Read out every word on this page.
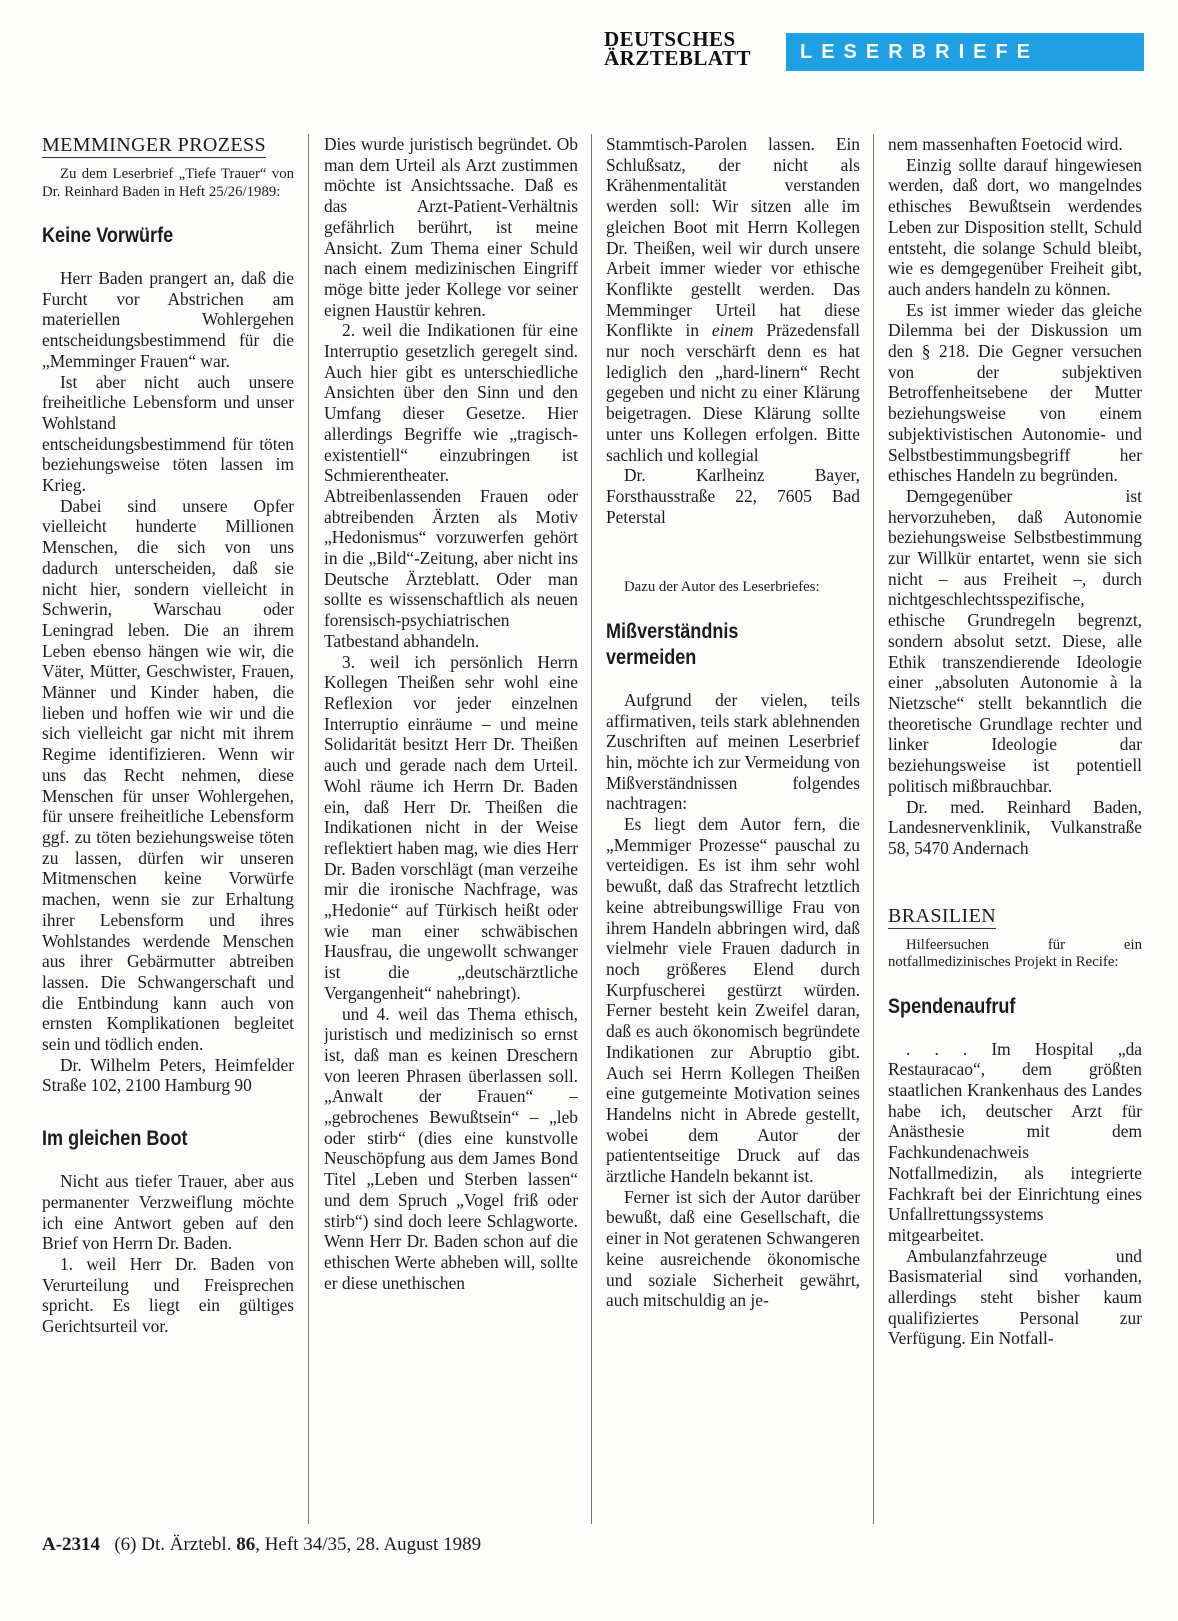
DEUTSCHES
ÄRZTEBLATT	LESERBRIEFE
MEMMINGER PROZESS

Zu dem Leserbrief „Tiefe Trauer“ von Dr. Reinhard Baden in Heft 25/26/1989:

Keine Vorwürfe

Herr Baden prangert an, daß die Furcht vor Abstrichen am materiellen Wohlergehen entscheidungsbestimmend für die „Memminger Frauen“ war.

Ist aber nicht auch unsere freiheitliche Lebensform und unser Wohlstand entscheidungsbestimmend für töten beziehungsweise töten lassen im Krieg.

Dabei sind unsere Opfer vielleicht hunderte Millionen Menschen, die sich von uns dadurch unterscheiden, daß sie nicht hier, sondern vielleicht in Schwerin, Warschau oder Leningrad leben. Die an ihrem Leben ebenso hängen wie wir, die Väter, Mütter, Geschwister, Frauen, Männer und Kinder haben, die lieben und hoffen wie wir und die sich vielleicht gar nicht mit ihrem Regime identifizieren. Wenn wir uns das Recht nehmen, diese Menschen für unser Wohlergehen, für unsere freiheitliche Lebensform ggf. zu töten beziehungsweise töten zu lassen, dürfen wir unseren Mitmenschen keine Vorwürfe machen, wenn sie zur Erhaltung ihrer Lebensform und ihres Wohlstandes werdende Menschen aus ihrer Gebärmutter abtreiben lassen. Die Schwangerschaft und die Entbindung kann auch von ernsten Komplikationen begleitet sein und tödlich enden.

Dr. Wilhelm Peters, Heimfelder Straße 102, 2100 Hamburg 90

Im gleichen Boot

Nicht aus tiefer Trauer, aber aus permanenter Verzweiflung möchte ich eine Antwort geben auf den Brief von Herrn Dr. Baden.

1. weil Herr Dr. Baden von Verurteilung und Freisprechen spricht. Es liegt ein gültiges Gerichtsurteil vor.

Dies wurde juristisch begründet. Ob man dem Urteil als Arzt zustimmen möchte ist Ansichtssache. Daß es das Arzt-Patient-Verhältnis gefährlich berührt, ist meine Ansicht. Zum Thema einer Schuld nach einem medizinischen Eingriff möge bitte jeder Kollege vor seiner eignen Haustür kehren.

2. weil die Indikationen für eine Interruptio gesetzlich geregelt sind. Auch hier gibt es unterschiedliche Ansichten über den Sinn und den Umfang dieser Gesetze. Hier allerdings Begriffe wie „tragisch-existentiell“ einzubringen ist Schmierentheater. Abtreibenlassenden Frauen oder abtreibenden Ärzten als Motiv „Hedonismus“ vorzuwerfen gehört in die „Bild“-Zeitung, aber nicht ins Deutsche Ärzteblatt. Oder man sollte es wissenschaftlich als neuen forensisch-psychiatrischen Tatbestand abhandeln.

3. weil ich persönlich Herrn Kollegen Theißen sehr wohl eine Reflexion vor jeder einzelnen Interruptio einräume – und meine Solidarität besitzt Herr Dr. Theißen auch und gerade nach dem Urteil. Wohl räume ich Herrn Dr. Baden ein, daß Herr Dr. Theißen die Indikationen nicht in der Weise reflektiert haben mag, wie dies Herr Dr. Baden vorschlägt (man verzeihe mir die ironische Nachfrage, was „Hedonie“ auf Türkisch heißt oder wie man einer schwäbischen Hausfrau, die ungewollt schwanger ist die „deutschärztliche Vergangenheit“ nahebringt).

und 4. weil das Thema ethisch, juristisch und medizinisch so ernst ist, daß man es keinen Dreschern von leeren Phrasen überlassen soll. „Anwalt der Frauen“ – „gebrochenes Bewußtsein“ – „leb oder stirb“ (dies eine kunstvolle Neuschöpfung aus dem James Bond Titel „Leben und Sterben lassen“ und dem Spruch „Vogel friß oder stirb“) sind doch leere Schlagworte. Wenn Herr Dr. Baden schon auf die ethischen Werte abheben will, sollte er diese unethischen

Stammtisch-Parolen lassen. Ein Schlußsatz, der nicht als Krähenmentalität verstanden werden soll: Wir sitzen alle im gleichen Boot mit Herrn Kollegen Dr. Theißen, weil wir durch unsere Arbeit immer wieder vor ethische Konflikte gestellt werden. Das Memminger Urteil hat diese Konflikte in einem Präzedensfall nur noch verschärft denn es hat lediglich den „hard-linern“ Recht gegeben und nicht zu einer Klärung beigetragen. Diese Klärung sollte unter uns Kollegen erfolgen. Bitte sachlich und kollegial

Dr. Karlheinz Bayer, Forsthausstraße 22, 7605 Bad Peterstal

Dazu der Autor des Leserbriefes:

Mißverständnis vermeiden

Aufgrund der vielen, teils affirmativen, teils stark ablehnenden Zuschriften auf meinen Leserbrief hin, möchte ich zur Vermeidung von Mißverständnissen folgendes nachtragen:

Es liegt dem Autor fern, die „Memmiger Prozesse“ pauschal zu verteidigen. Es ist ihm sehr wohl bewußt, daß das Strafrecht letztlich keine abtreibungswillige Frau von ihrem Handeln abbringen wird, daß vielmehr viele Frauen dadurch in noch größeres Elend durch Kurpfuscherei gestürzt würden. Ferner besteht kein Zweifel daran, daß es auch ökonomisch begründete Indikationen zur Abruptio gibt. Auch sei Herrn Kollegen Theißen eine gutgemeinte Motivation seines Handelns nicht in Abrede gestellt, wobei dem Autor der patiententseitige Druck auf das ärztliche Handeln bekannt ist.

Ferner ist sich der Autor darüber bewußt, daß eine Gesellschaft, die einer in Not geratenen Schwangeren keine ausreichende ökonomische und soziale Sicherheit gewährt, auch mitschuldig an je-

nem massenhaften Foetocid wird.

Einzig sollte darauf hingewiesen werden, daß dort, wo mangelndes ethisches Bewußtsein werdendes Leben zur Disposition stellt, Schuld entsteht, die solange Schuld bleibt, wie es demgegenüber Freiheit gibt, auch anders handeln zu können.

Es ist immer wieder das gleiche Dilemma bei der Diskussion um den § 218. Die Gegner versuchen von der subjektiven Betroffenheitsebene der Mutter beziehungsweise von einem subjektivistischen Autonomie- und Selbstbestimmungsbegriff her ethisches Handeln zu begründen.

Demgegenüber ist hervorzuheben, daß Autonomie beziehungsweise Selbstbestimmung zur Willkür entartet, wenn sie sich nicht – aus Freiheit –, durch nichtgeschlechtsspezifische, ethische Grundregeln begrenzt, sondern absolut setzt. Diese, alle Ethik transzendierende Ideologie einer „absoluten Autonomie à la Nietzsche“ stellt bekanntlich die theoretische Grundlage rechter und linker Ideologie dar beziehungsweise ist potentiell politisch mißbrauchbar.

Dr. med. Reinhard Baden, Landesnervenklinik, Vulkanstraße 58, 5470 Andernach

BRASILIEN

Hilfeersuchen für ein notfallmedizinisches Projekt in Recife:

Spendenaufruf

. . . Im Hospital „da Restauracao“, dem größten staatlichen Krankenhaus des Landes habe ich, deutscher Arzt für Anästhesie mit dem Fachkundenachweis Notfallmedizin, als integrierte Fachkraft bei der Einrichtung eines Unfallrettungssystems mitgearbeitet.

Ambulanzfahrzeuge und Basismaterial sind vorhanden, allerdings steht bisher kaum qualifiziertes Personal zur Verfügung. Ein Notfall-

A-2314 (6) Dt. Ärztebl. 86, Heft 34/35, 28. August 1989
